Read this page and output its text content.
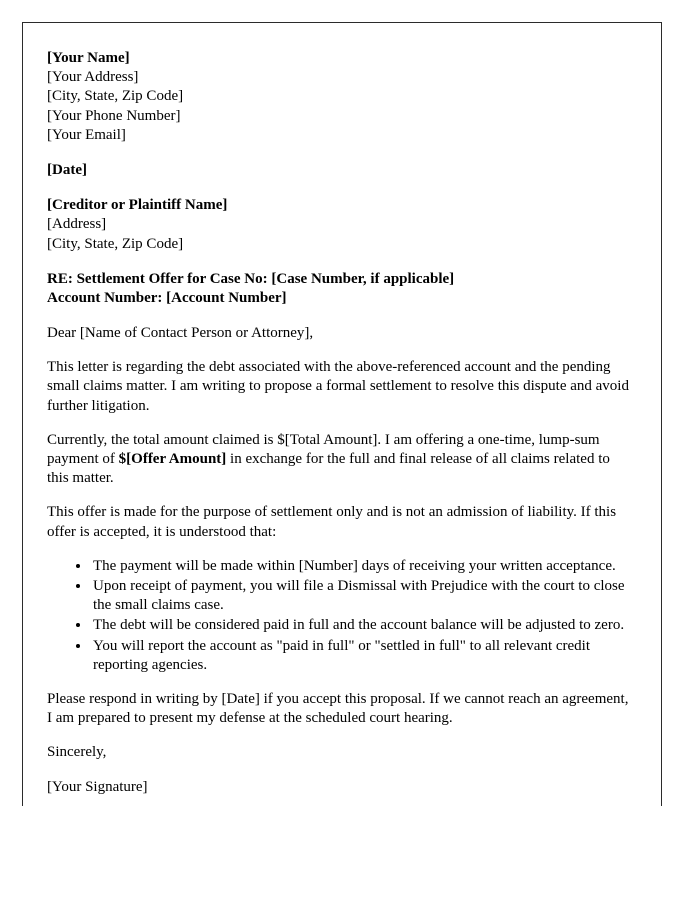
[Your Name]
[Your Address]
[City, State, Zip Code]
[Your Phone Number]
[Your Email]
[Date]
[Creditor or Plaintiff Name]
[Address]
[City, State, Zip Code]
RE: Settlement Offer for Case No: [Case Number, if applicable]
Account Number: [Account Number]

Dear [Name of Contact Person or Attorney],

This letter is regarding the debt associated with the above-referenced account and the pending small claims matter. I am writing to propose a formal settlement to resolve this dispute and avoid further litigation.

Currently, the total amount claimed is $[Total Amount]. I am offering a one-time, lump-sum payment of $[Offer Amount] in exchange for the full and final release of all claims related to this matter.

This offer is made for the purpose of settlement only and is not an admission of liability. If this offer is accepted, it is understood that:

• The payment will be made within [Number] days of receiving your written acceptance.
• Upon receipt of payment, you will file a Dismissal with Prejudice with the court to close the small claims case.
• The debt will be considered paid in full and the account balance will be adjusted to zero.
• You will report the account as "paid in full" or "settled in full" to all relevant credit reporting agencies.

Please respond in writing by [Date] if you accept this proposal. If we cannot reach an agreement, I am prepared to present my defense at the scheduled court hearing.

Sincerely,

[Your Signature]
